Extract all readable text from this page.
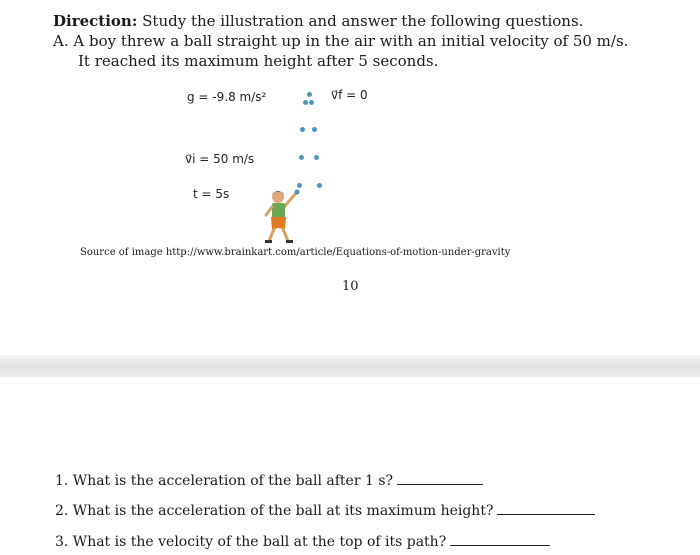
Direction: Study the illustration and answer the following questions.
A. A boy threw a ball straight up in the air with an initial velocity of 50 m/s.
It reached its maximum height after 5 seconds.
g = -9.8 m/s²	v⃗f = 0
v⃗i = 50 m/s
t = 5s
Source of image http://www.brainkart.com/article/Equations-of-motion-under-gravity
10
1. What is the acceleration of the ball after 1 s?
2. What is the acceleration of the ball at its maximum height?
3. What is the velocity of the ball at the top of its path?
